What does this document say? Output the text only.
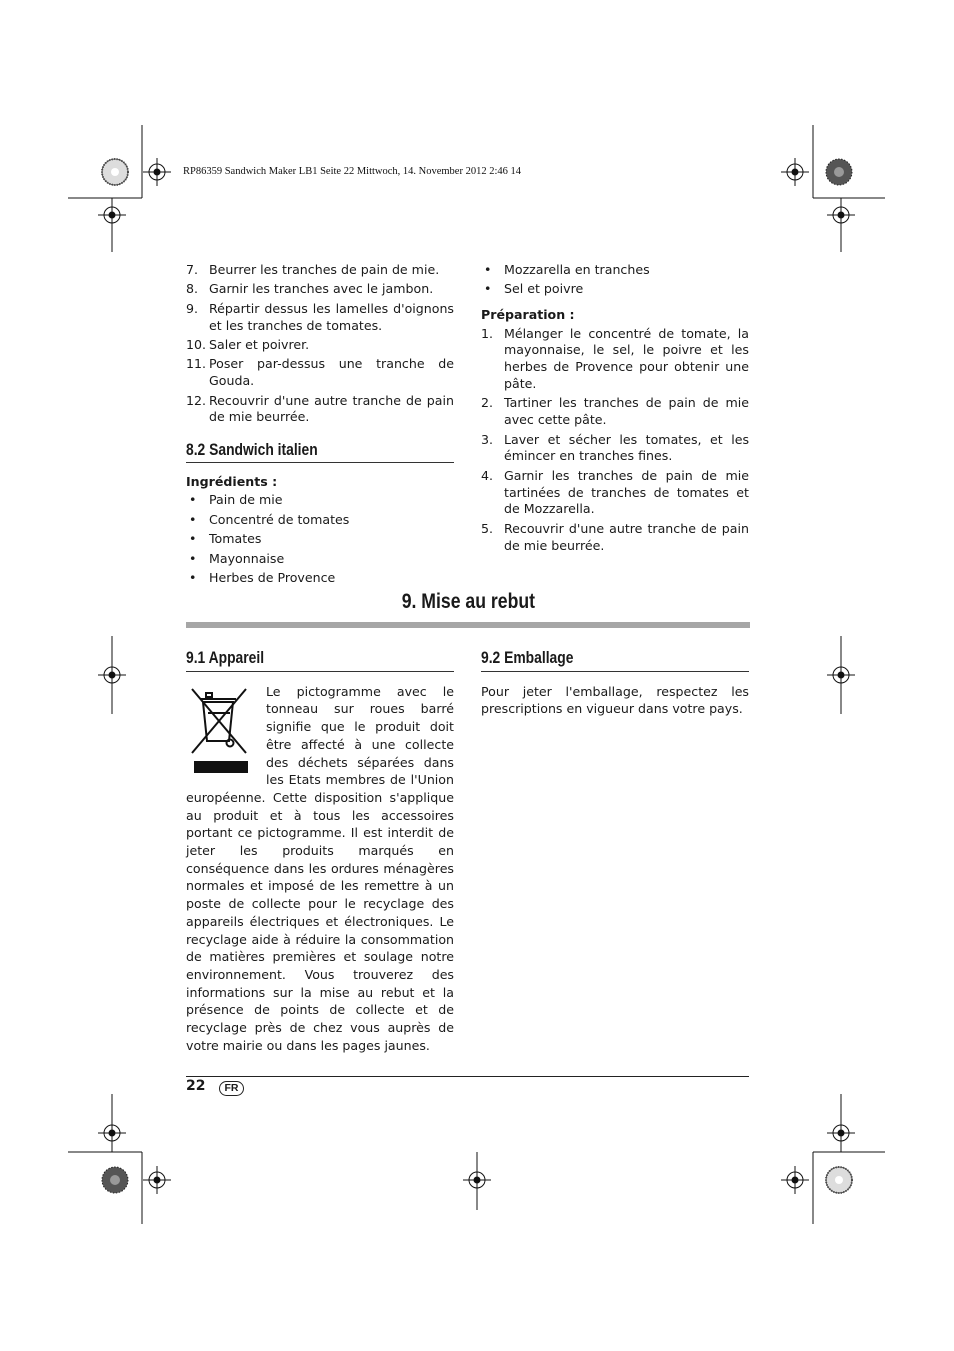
RP86359 Sandwich Maker LB1 Seite 22 Mittwoch, 14. November 2012 2:46 14
7. Beurrer les tranches de pain de mie.
8. Garnir les tranches avec le jambon.
9. Répartir dessus les lamelles d'oignons et les tranches de tomates.
10. Saler et poivrer.
11. Poser par-dessus une tranche de Gouda.
12. Recouvrir d'une autre tranche de pain de mie beurrée.
8.2 Sandwich italien
Ingrédients :
• Pain de mie
• Concentré de tomates
• Tomates
• Mayonnaise
• Herbes de Provence
• Mozzarella en tranches
• Sel et poivre
Préparation :
1. Mélanger le concentré de tomate, la mayonnaise, le sel, le poivre et les herbes de Provence pour obtenir une pâte.
2. Tartiner les tranches de pain de mie avec cette pâte.
3. Laver et sécher les tomates, et les émincer en tranches fines.
4. Garnir les tranches de pain de mie tartinées de tranches de tomates et de Mozzarella.
5. Recouvrir d'une autre tranche de pain de mie beurrée.
9. Mise au rebut
9.1 Appareil

Le pictogramme avec le tonneau sur roues barré signifie que le produit doit être affecté à une collecte des déchets séparées dans les Etats membres de l'Union européenne. Cette disposition s'applique au produit et à tous les accessoires portant ce pictogramme. Il est interdit de jeter les produits marqués en conséquence dans les ordures ménagères normales et imposé de les remettre à un poste de collecte pour le recyclage des appareils électriques et électroniques. Le recyclage aide à réduire la consommation de matières premières et soulage notre environnement. Vous trouverez des informations sur la mise au rebut et la présence de points de collecte et de recyclage près de chez vous auprès de votre mairie ou dans les pages jaunes.

9.2 Emballage

Pour jeter l'emballage, respectez les prescriptions en vigueur dans votre pays.

22	FR
